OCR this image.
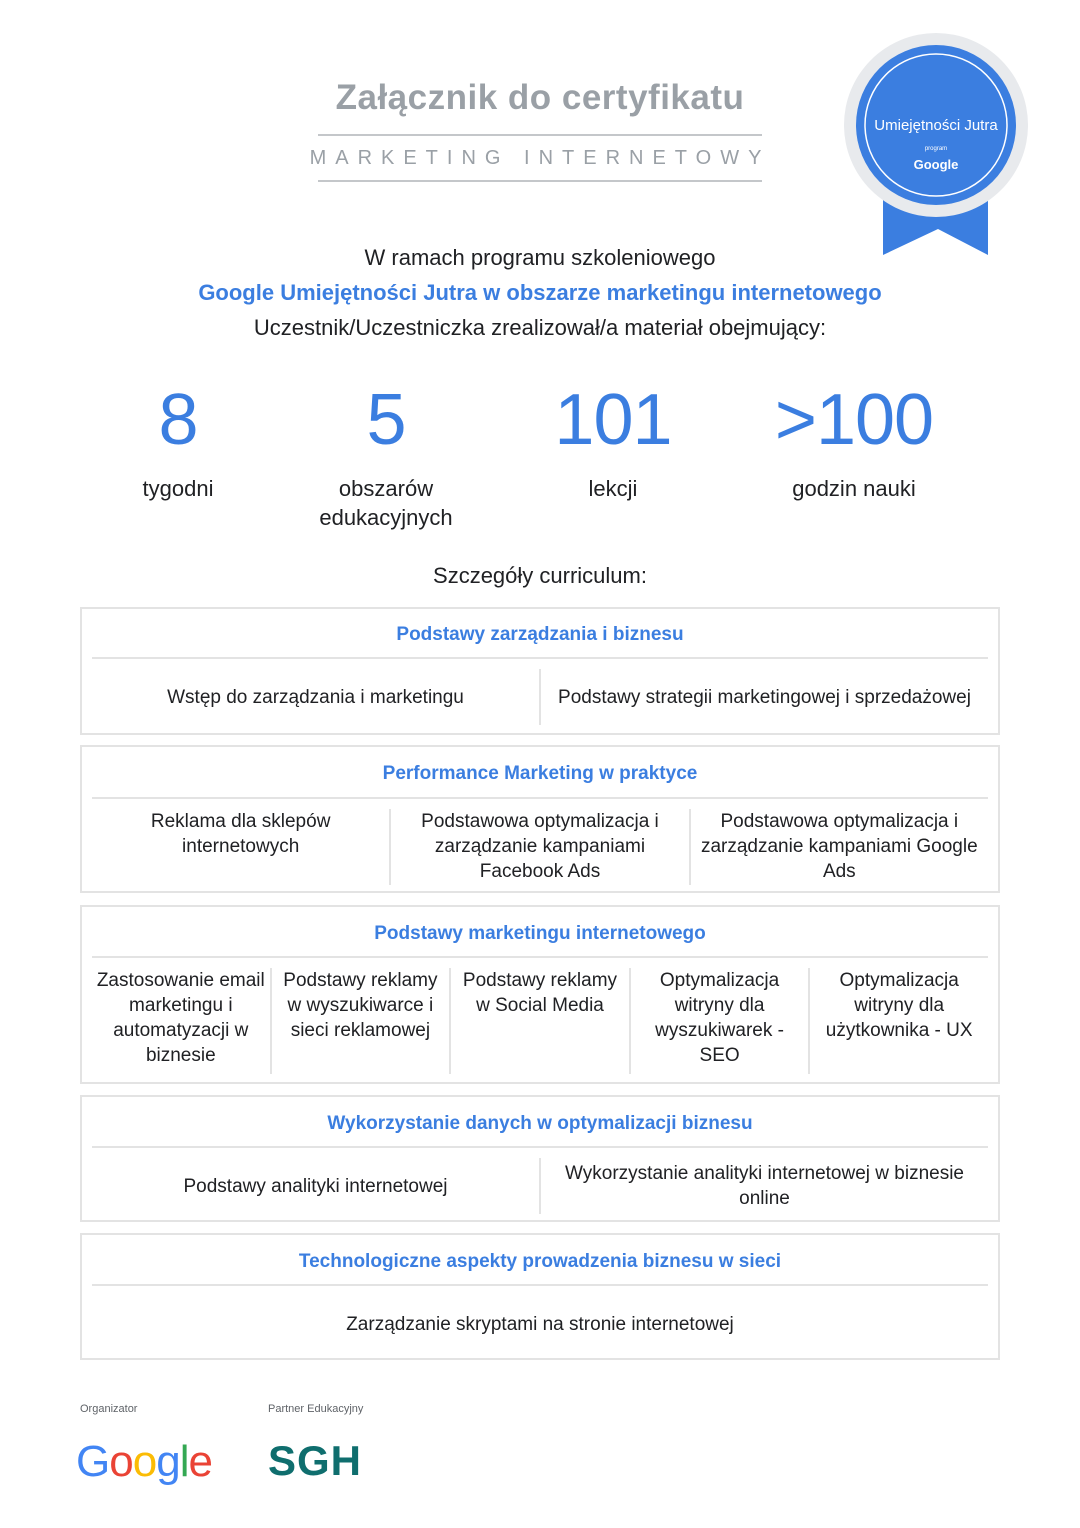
Załącznik do certyfikatu
MARKETING INTERNETOWY
Umiejętności Jutra
program
Google
W ramach programu szkoleniowego
Google Umiejętności Jutra w obszarze marketingu internetowego
Uczestnik/Uczestniczka zrealizował/a materiał obejmujący:
8
tygodni
5
obszarów edukacyjnych
101
lekcji
>100
godzin nauki
Szczegóły curriculum:
Podstawy zarządzania i biznesu
Wstęp do zarządzania i marketingu	Podstawy strategii marketingowej i sprzedażowej
Performance Marketing w praktyce
Reklama dla sklepów internetowych
Podstawowa optymalizacja i zarządzanie kampaniami Facebook Ads
Podstawowa optymalizacja i zarządzanie kampaniami Google Ads
Podstawy marketingu internetowego
Zastosowanie email marketingu i automatyzacji w biznesie
Podstawy reklamy w wyszukiwarce i sieci reklamowej
Podstawy reklamy w Social Media
Optymalizacja witryny dla wyszukiwarek - SEO
Optymalizacja witryny dla użytkownika - UX
Wykorzystanie danych w optymalizacji biznesu
Podstawy analityki internetowej
Wykorzystanie analityki internetowej w biznesie online
Technologiczne aspekty prowadzenia biznesu w sieci
Zarządzanie skryptami na stronie internetowej
Organizator	Partner Edukacyjny
Google SGH
